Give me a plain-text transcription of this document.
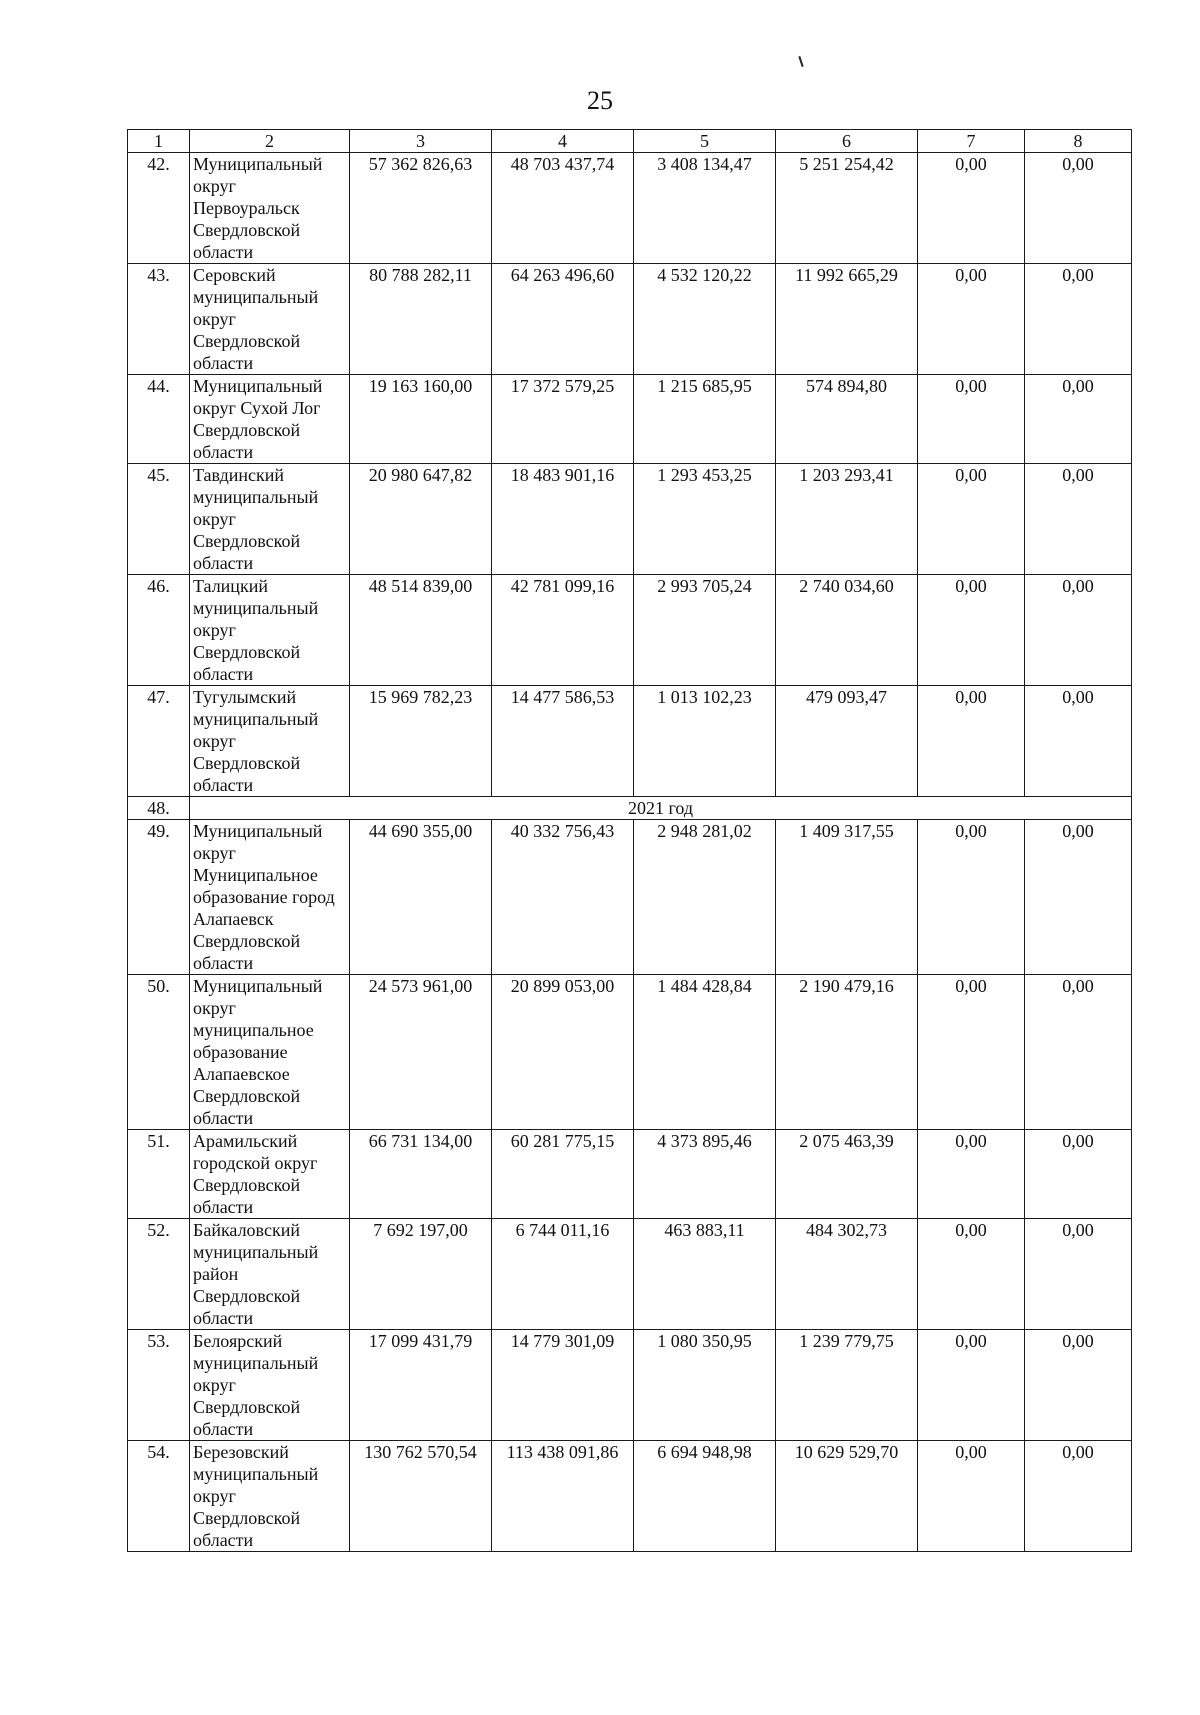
25
1	2	3	4	5	6	7	8
42.	Муниципальный округ Первоуральск Свердловской области	57 362 826,63	48 703 437,74	3 408 134,47	5 251 254,42	0,00	0,00
43.	Серовский муниципальный округ Свердловской области	80 788 282,11	64 263 496,60	4 532 120,22	11 992 665,29	0,00	0,00
44.	Муниципальный округ Сухой Лог Свердловской области	19 163 160,00	17 372 579,25	1 215 685,95	574 894,80	0,00	0,00
45.	Тавдинский муниципальный округ Свердловской области	20 980 647,82	18 483 901,16	1 293 453,25	1 203 293,41	0,00	0,00
46.	Талицкий муниципальный округ Свердловской области	48 514 839,00	42 781 099,16	2 993 705,24	2 740 034,60	0,00	0,00
47.	Тугулымский муниципальный округ Свердловской области	15 969 782,23	14 477 586,53	1 013 102,23	479 093,47	0,00	0,00
48.	2021 год						
49.	Муниципальный округ Муниципальное образование город Алапаевск Свердловской области	44 690 355,00	40 332 756,43	2 948 281,02	1 409 317,55	0,00	0,00
50.	Муниципальный округ муниципальное образование Алапаевское Свердловской области	24 573 961,00	20 899 053,00	1 484 428,84	2 190 479,16	0,00	0,00
51.	Арамильский городской округ Свердловской области	66 731 134,00	60 281 775,15	4 373 895,46	2 075 463,39	0,00	0,00
52.	Байкаловский муниципальный район Свердловской области	7 692 197,00	6 744 011,16	463 883,11	484 302,73	0,00	0,00
53.	Белоярский муниципальный округ Свердловской области	17 099 431,79	14 779 301,09	1 080 350,95	1 239 779,75	0,00	0,00
54.	Березовский муниципальный округ Свердловской области	130 762 570,54	113 438 091,86	6 694 948,98	10 629 529,70	0,00	0,00
